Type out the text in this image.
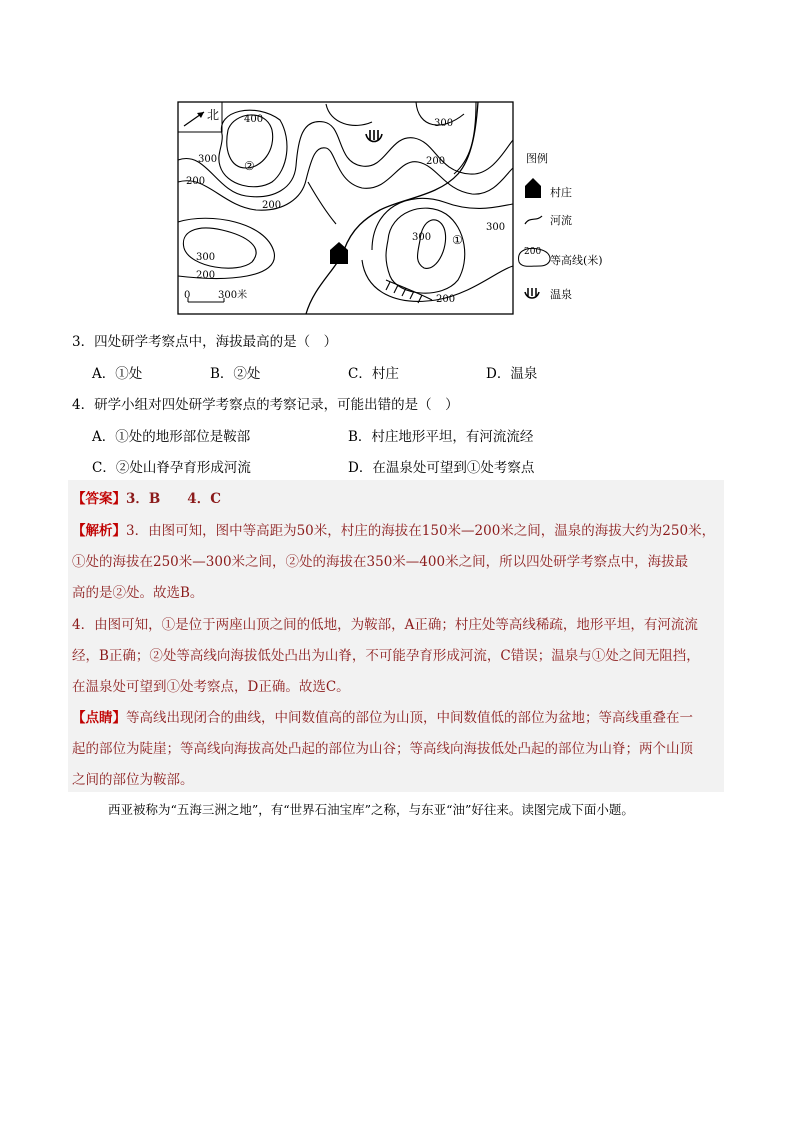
北 400	300
300
200
300
200
300
300
200
200
200
②
①
0	300米
图例
村庄
河流
200
等高线(米)
温泉
3．四处研学考察点中，海拔最高的是（　）
A．①处	B．②处	C．村庄	D．温泉
4．研学小组对四处研学考察点的考察记录，可能出错的是（　）
A．①处的地形部位是鞍部	B．村庄地形平坦，有河流流经
C．②处山脊孕育形成河流	D．在温泉处可望到①处考察点
【答案】3．B　　4．C
【解析】3．由图可知，图中等高距为50米，村庄的海拔在150米—200米之间，温泉的海拔大约为250米，
①处的海拔在250米—300米之间，②处的海拔在350米—400米之间，所以四处研学考察点中，海拔最
高的是②处。故选B。
4．由图可知，①是位于两座山顶之间的低地，为鞍部，A正确；村庄处等高线稀疏，地形平坦，有河流流
经，B正确；②处等高线向海拔低处凸出为山脊，不可能孕育形成河流，C错误；温泉与①处之间无阻挡，
在温泉处可望到①处考察点，D正确。故选C。
【点睛】等高线出现闭合的曲线，中间数值高的部位为山顶，中间数值低的部位为盆地；等高线重叠在一
起的部位为陡崖；等高线向海拔高处凸起的部位为山谷；等高线向海拔低处凸起的部位为山脊；两个山顶
之间的部位为鞍部。
西亚被称为“五海三洲之地”，有“世界石油宝库”之称，与东亚“油”好往来。读图完成下面小题。
